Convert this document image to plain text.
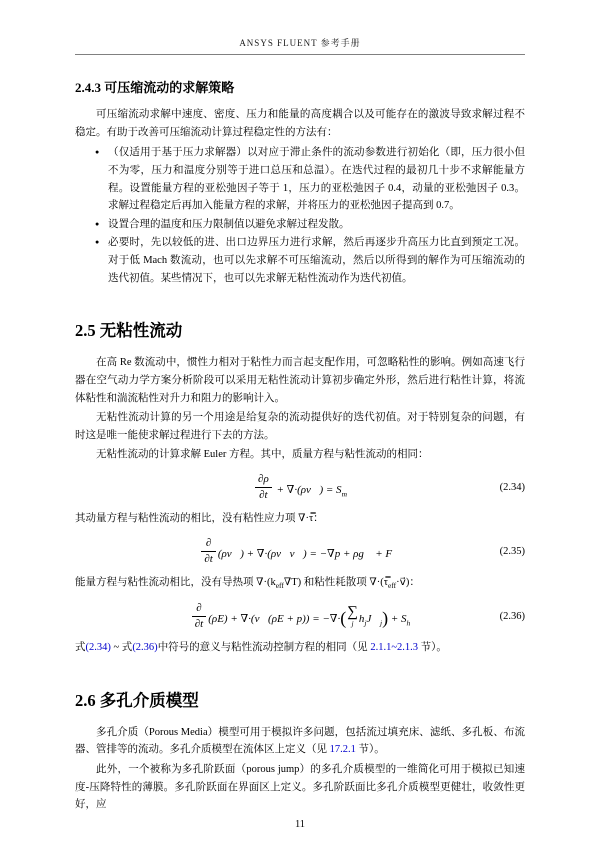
ANSYS FLUENT 参考手册
2.4.3 可压缩流动的求解策略

可压缩流动求解中速度、密度、压力和能量的高度耦合以及可能存在的激波导致求解过程不稳定。有助于改善可压缩流动计算过程稳定性的方法有：

● （仅适用于基于压力求解器）以对应于滞止条件的流动参数进行初始化（即，压力很小但不为零，压力和温度分别等于进口总压和总温）。在迭代过程的最初几十步不求解能量方程。设置能量方程的亚松弛因子等于 1，压力的亚松弛因子 0.4，动量的亚松弛因子 0.3。求解过程稳定后再加入能量方程的求解，并将压力的亚松弛因子提高到 0.7。
● 设置合理的温度和压力限制值以避免求解过程发散。
● 必要时，先以较低的进、出口边界压力进行求解，然后再逐步升高压力比直到预定工况。对于低 Mach 数流动，也可以先求解不可压缩流动，然后以所得到的解作为可压缩流动的迭代初值。某些情况下，也可以先求解无粘性流动作为迭代初值。
2.5 无粘性流动

在高 Re 数流动中，惯性力相对于粘性力而言起支配作用，可忽略粘性的影响。例如高速飞行器在空气动力学方案分析阶段可以采用无粘性流动计算初步确定外形，然后进行粘性计算，将流体粘性和湍流粘性对升力和阻力的影响计入。

无粘性流动计算的另一个用途是给复杂的流动提供好的迭代初值。对于特别复杂的问题，有时这是唯一能使求解过程进行下去的方法。

无粘性流动的计算求解 Euler 方程。其中，质量方程与粘性流动的相同：

$\frac{\partial\rho}{\partial t}$ + ∇·(ρv⃗) = $S_m$
(2.34)

其动量方程与粘性流动的相比，没有粘性应力项 ∇·τ̿：

$\frac{\partial}{\partial t}$ (ρv⃗) + ∇·(ρv⃗v⃗) = −∇p + ρg⃗ + F⃗	(2.35)

能量方程与粘性流动相比，没有导热项 $\nabla\cdot(k_{eff}\nabla T)$ 和粘性耗散项 $\nabla\cdot(\tau̿_{eff}\cdot v⃗)$：

$\frac{\partial}{\partial t} (\rho E)$ + ∇·(v⃗(ρE + p)) = −∇·( ∑
j $h_jJ⃗_j) + S_h$
(2.36)

式(2.34) ~ 式(2.36)中符号的意义与粘性流动控制方程的相同（见 2.1.1~2.1.3 节）。

2.6 多孔介质模型

多孔介质（Porous Media）模型可用于模拟许多问题，包括流过填充床、滤纸、多孔板、布流器、管排等的流动。多孔介质模型在流体区上定义（见 17.2.1 节）。

此外，一个被称为多孔阶跃面（porous jump）的多孔介质模型的一维简化可用于模拟已知速度-压降特性的薄膜。多孔阶跃面在界面区上定义。多孔阶跃面比多孔介质模型更健壮，收敛性更好，应

11
